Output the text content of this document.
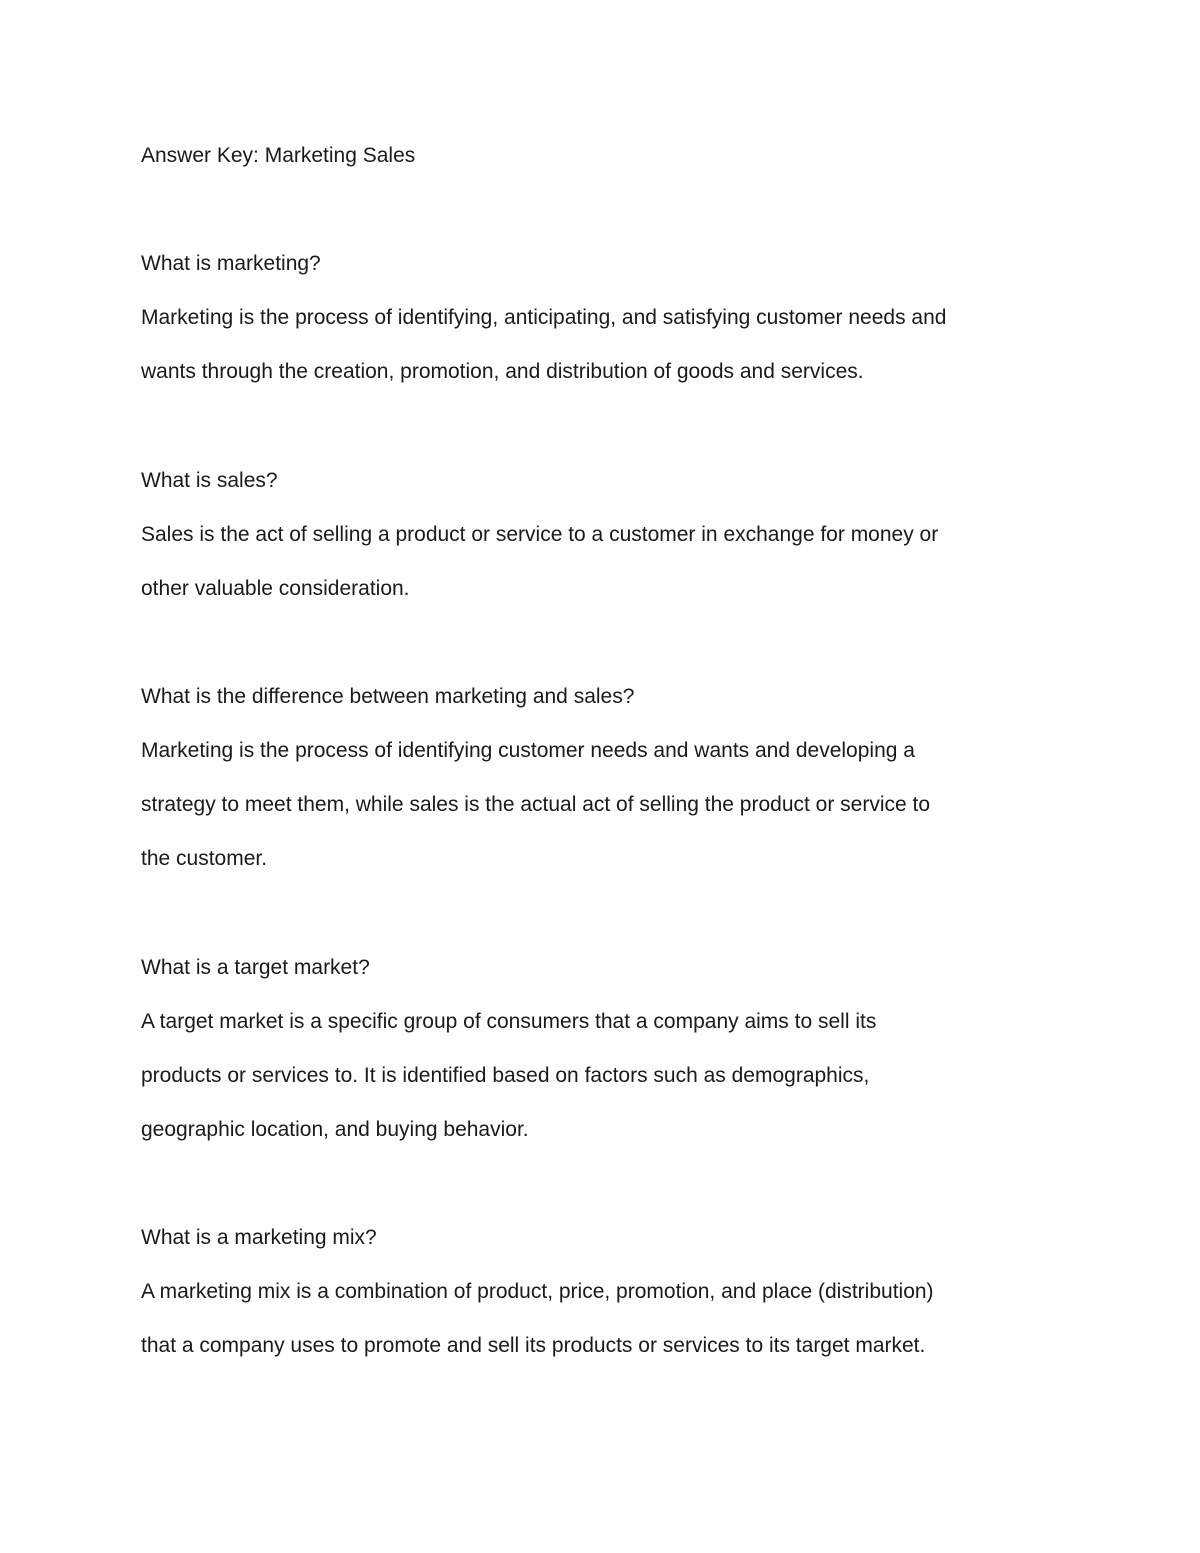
Answer Key: Marketing Sales

What is marketing?

Marketing is the process of identifying, anticipating, and satisfying customer needs and

wants through the creation, promotion, and distribution of goods and services.

What is sales?

Sales is the act of selling a product or service to a customer in exchange for money or

other valuable consideration.

What is the difference between marketing and sales?

Marketing is the process of identifying customer needs and wants and developing a

strategy to meet them, while sales is the actual act of selling the product or service to

the customer.

What is a target market?

A target market is a specific group of consumers that a company aims to sell its

products or services to. It is identified based on factors such as demographics,

geographic location, and buying behavior.

What is a marketing mix?

A marketing mix is a combination of product, price, promotion, and place (distribution)

that a company uses to promote and sell its products or services to its target market.
